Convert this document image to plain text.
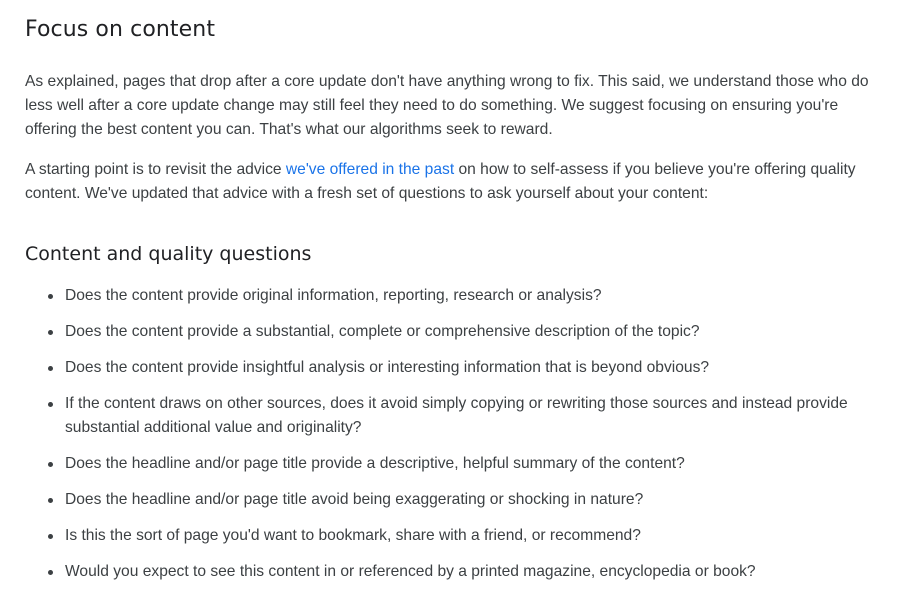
Focus on content

As explained, pages that drop after a core update don't have anything wrong to fix. This said, we understand those who do less well after a core update change may still feel they need to do something. We suggest focusing on ensuring you're offering the best content you can. That's what our algorithms seek to reward.

A starting point is to revisit the advice we've offered in the past on how to self-assess if you believe you're offering quality content. We've updated that advice with a fresh set of questions to ask yourself about your content:

Content and quality questions
Does the content provide original information, reporting, research or analysis?
Does the content provide a substantial, complete or comprehensive description of the topic?
Does the content provide insightful analysis or interesting information that is beyond obvious?
If the content draws on other sources, does it avoid simply copying or rewriting those sources and instead provide substantial additional value and originality?
Does the headline and/or page title provide a descriptive, helpful summary of the content?
Does the headline and/or page title avoid being exaggerating or shocking in nature?
Is this the sort of page you'd want to bookmark, share with a friend, or recommend?
Would you expect to see this content in or referenced by a printed magazine, encyclopedia or book?
